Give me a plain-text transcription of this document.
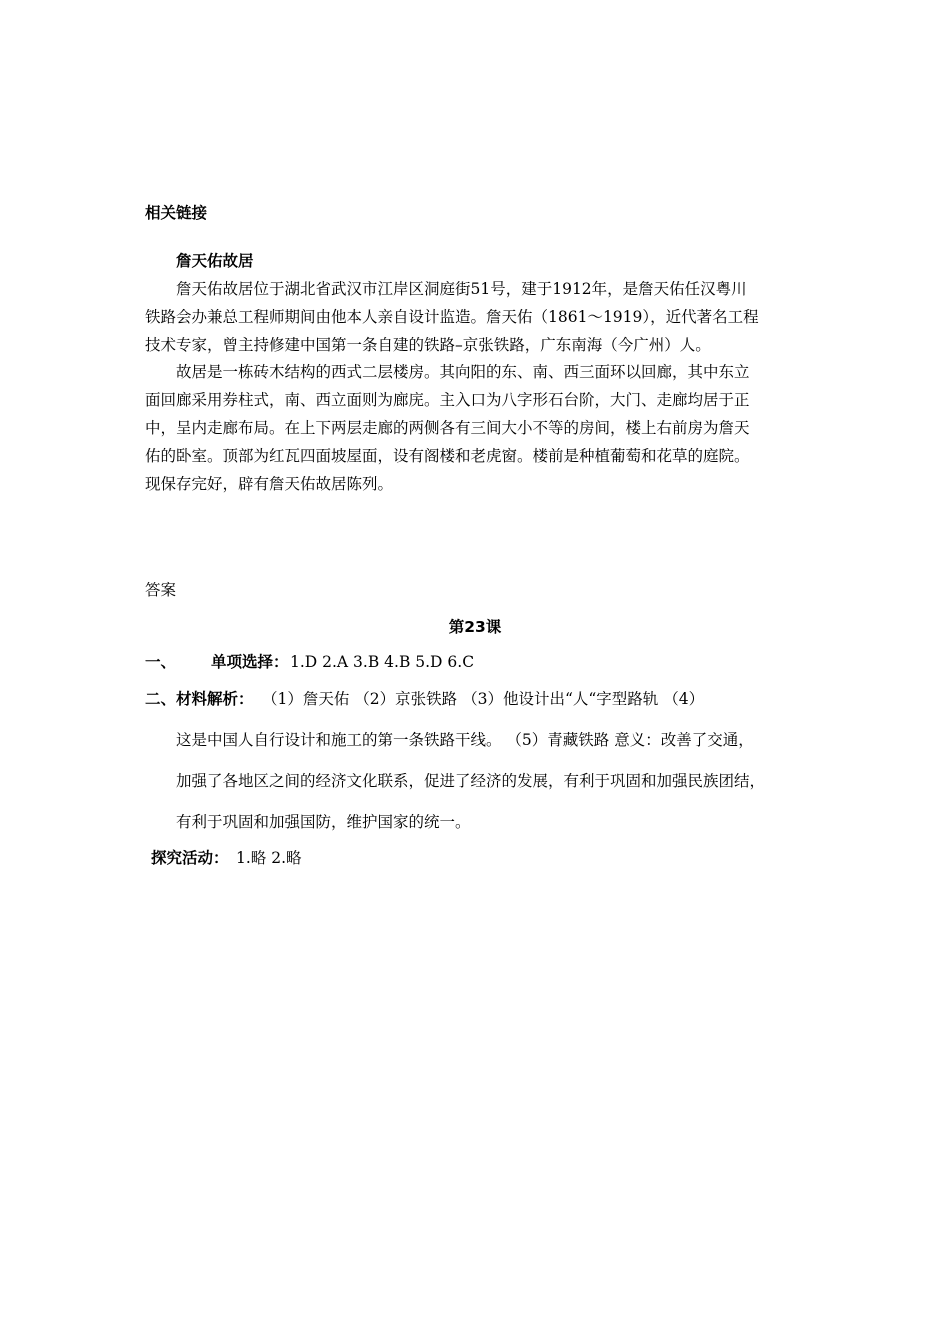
相关链接
詹天佑故居
詹天佑故居位于湖北省武汉市江岸区洞庭街51号，建于1912年，是詹天佑任汉粤川
铁路会办兼总工程师期间由他本人亲自设计监造。詹天佑（1861～1919），近代著名工程
技术专家，曾主持修建中国第一条自建的铁路–京张铁路，广东南海（今广州）人。
故居是一栋砖木结构的西式二层楼房。其向阳的东、南、西三面环以回廊，其中东立
面回廊采用券柱式，南、西立面则为廊庑。主入口为八字形石台阶，大门、走廊均居于正
中，呈内走廊布局。在上下两层走廊的两侧各有三间大小不等的房间，楼上右前房为詹天
佑的卧室。顶部为红瓦四面坡屋面，设有阁楼和老虎窗。楼前是种植葡萄和花草的庭院。
现保存完好，辟有詹天佑故居陈列。
答案
第23课
一、 单项选择： 1.D 2.A 3.B 4.B 5.D 6.C
二、材料解析： （1）詹天佑 （2）京张铁路 （3）他设计出“人“字型路轨 （4）
这是中国人自行设计和施工的第一条铁路干线。 （5）青藏铁路 意义：改善了交通，
加强了各地区之间的经济文化联系，促进了经济的发展，有利于巩固和加强民族团结，
有利于巩固和加强国防，维护国家的统一。
探究活动： 1.略 2.略
